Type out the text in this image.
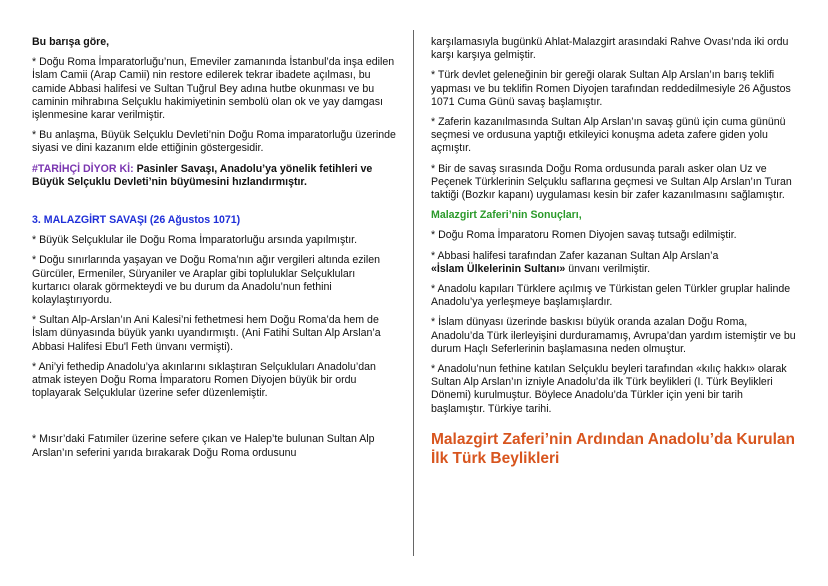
Bu barışa göre,

* Doğu Roma İmparatorluğu’nun, Emeviler zamanında İstanbul’da inşa edilen İslam Camii (Arap Camii) nin restore edilerek tekrar ibadete açılması, bu camide Abbasi halifesi ve Sultan Tuğrul Bey adına hutbe okunması ve bu caminin mihrabına Selçuklu hakimiyetinin sembolü olan ok ve yay damgası işlenmesine karar verilmiştir.

* Bu anlaşma, Büyük Selçuklu Devleti’nin Doğu Roma imparatorluğu üzerinde siyasi ve dini kazanım elde ettiğinin göstergesidir.

#TARİHÇİ DİYOR Kİ: Pasinler Savaşı, Anadolu’ya yönelik fetihleri ve Büyük Selçuklu Devleti’nin büyümesini hızlandırmıştır.

3. MALAZGİRT SAVAŞI (26 Ağustos 1071)

* Büyük Selçuklular ile Doğu Roma İmparatorluğu arsında yapılmıştır.

* Doğu sınırlarında yaşayan ve Doğu Roma’nın ağır vergileri altında ezilen Gürcüler, Ermeniler, Süryaniler ve Araplar gibi topluluklar Selçukluları kurtarıcı olarak görmekteydi ve bu durum da Anadolu’nun fethini kolaylaştırıyordu.

* Sultan Alp-Arslan’ın Ani Kalesi’ni fethetmesi hem Doğu Roma’da hem de İslam dünyasında büyük yankı uyandırmıştı. (Ani Fatihi Sultan Alp Arslan’a Abbasi Halifesi Ebu'l Feth ünvanı vermişti).

* Ani’yi fethedip Anadolu’ya akınlarını sıklaştıran Selçukluları Anadolu’dan atmak isteyen Doğu Roma İmparatoru Romen Diyojen büyük bir ordu toplayarak Selçuklular üzerine sefer düzenlemiştir.

* Mısır’daki Fatımiler üzerine sefere çıkan ve Halep’te bulunan Sultan Alp Arslan’ın seferini yarıda bırakarak Doğu Roma ordusunu

karşılamasıyla bugünkü Ahlat-Malazgirt arasındaki Rahve Ovası’nda iki ordu karşı karşıya gelmiştir.

* Türk devlet geleneğinin bir gereği olarak Sultan Alp Arslan’ın barış teklifi yapması ve bu teklifin Romen Diyojen tarafından reddedilmesiyle 26 Ağustos 1071 Cuma Günü savaş başlamıştır.

* Zaferin kazanılmasında Sultan Alp Arslan’ın savaş günü için cuma gününü seçmesi ve ordusuna yaptığı etkileyici konuşma adeta zafere giden yolu açmıştır.

* Bir de savaş sırasında Doğu Roma ordusunda paralı asker olan Uz ve Peçenek Türklerinin Selçuklu saflarına geçmesi ve Sultan Alp Arslan’ın Turan taktiği (Bozkır kapanı) uygulaması kesin bir zafer kazanılmasını sağlamıştır.

Malazgirt Zaferi’nin Sonuçları,

* Doğu Roma İmparatoru Romen Diyojen savaş tutsağı edilmiştir.

* Abbasi halifesi tarafından Zafer kazanan Sultan Alp Arslan’a
«İslam Ülkelerinin Sultanı» ünvanı verilmiştir.

* Anadolu kapıları Türklere açılmış ve Türkistan gelen Türkler gruplar halinde Anadolu’ya yerleşmeye başlamışlardır.

* İslam dünyası üzerinde baskısı büyük oranda azalan Doğu Roma, Anadolu’da Türk ilerleyişini durduramamış, Avrupa’dan yardım istemiştir ve bu durum Haçlı Seferlerinin başlamasına neden olmuştur.

* Anadolu’nun fethine katılan Selçuklu beyleri tarafından «kılıç hakkı» olarak Sultan Alp Arslan’ın izniyle Anadolu’da ilk Türk beylikleri (I. Türk Beylikleri Dönemi) kurulmuştur. Böylece Anadolu’da Türkler için yeni bir tarih başlamıştır. Türkiye tarihi.

Malazgirt Zaferi’nin Ardından Anadolu’da Kurulan İlk Türk Beylikleri
